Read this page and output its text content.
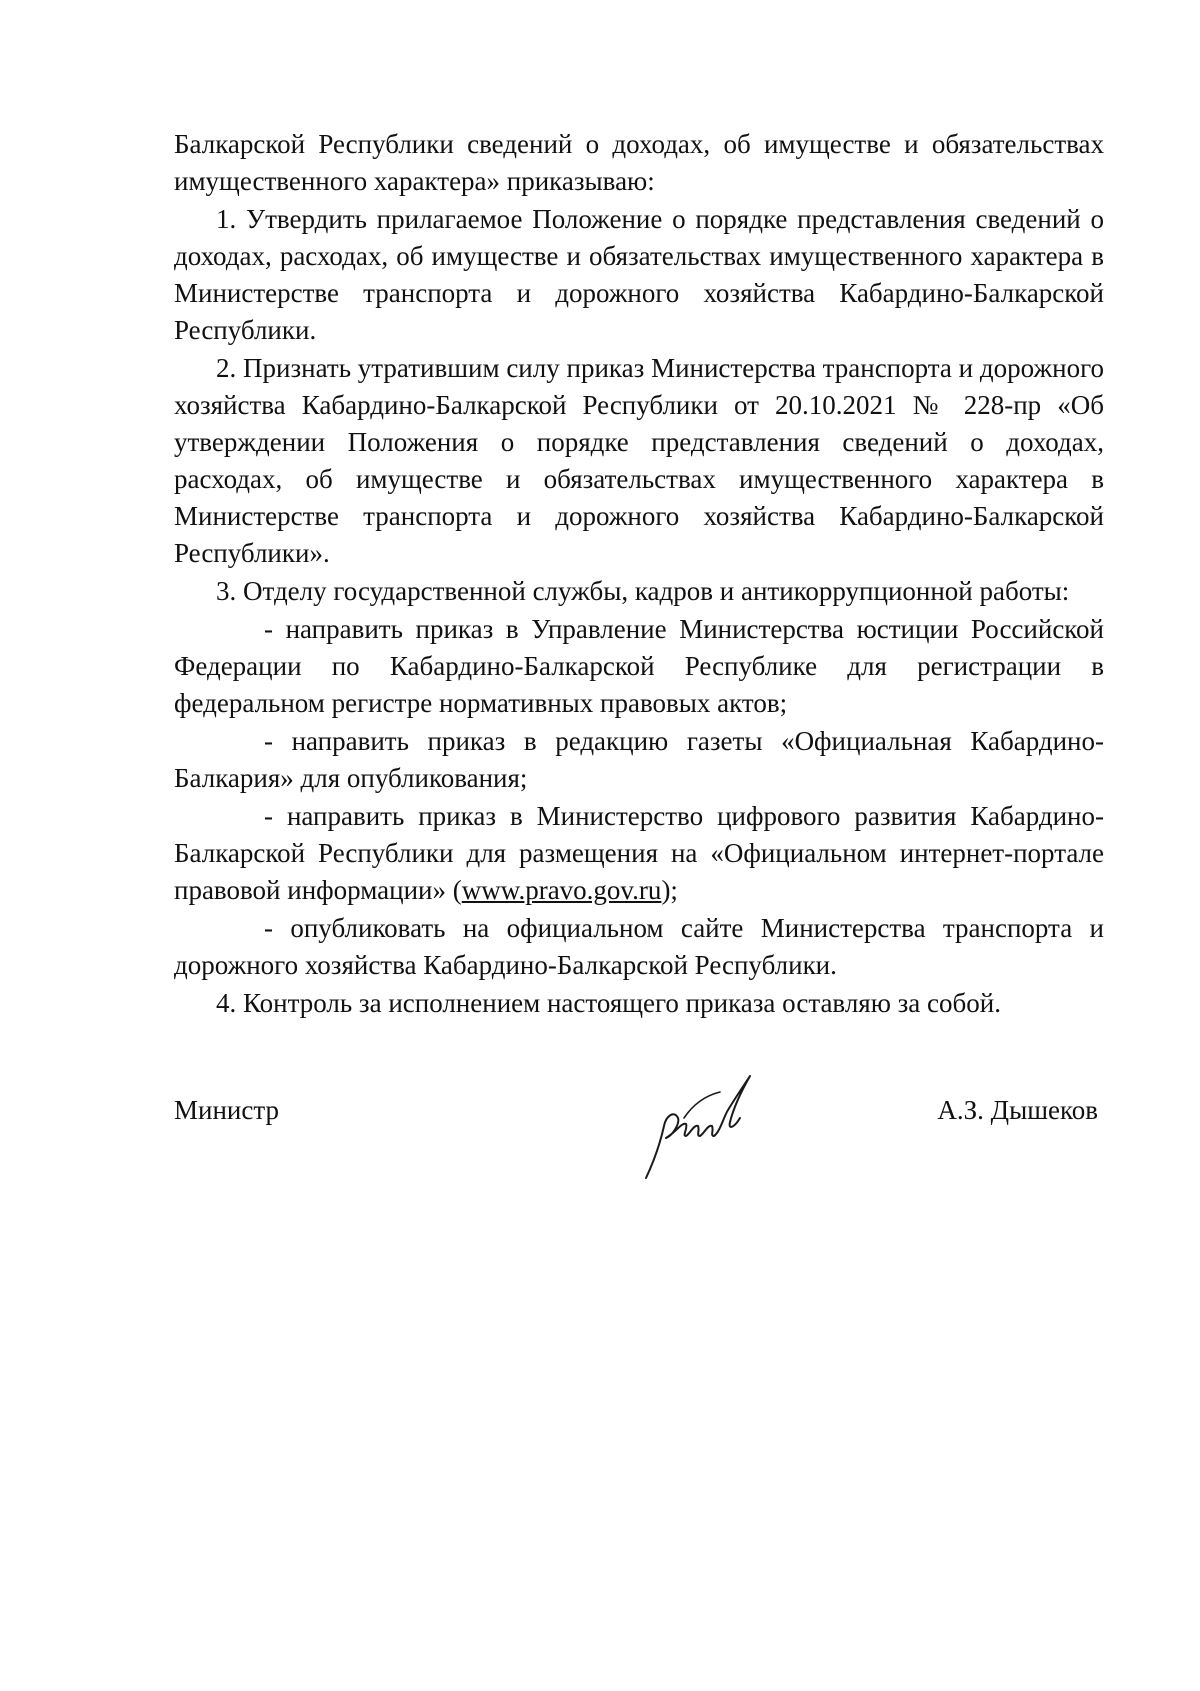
Балкарской Республики сведений о доходах, об имуществе и обязательствах имущественного характера» приказываю:

1. Утвердить прилагаемое Положение о порядке представления сведений о доходах, расходах, об имуществе и обязательствах имущественного характера в Министерстве транспорта и дорожного хозяйства Кабардино-Балкарской Республики.

2. Признать утратившим силу приказ Министерства транспорта и дорожного хозяйства Кабардино-Балкарской Республики от 20.10.2021 № 228-пр «Об утверждении Положения о порядке представления сведений о доходах, расходах, об имуществе и обязательствах имущественного характера в Министерстве транспорта и дорожного хозяйства Кабардино-Балкарской Республики».

3. Отделу государственной службы, кадров и антикоррупционной работы:

- направить приказ в Управление Министерства юстиции Российской Федерации по Кабардино-Балкарской Республике для регистрации в федеральном регистре нормативных правовых актов;

- направить приказ в редакцию газеты «Официальная Кабардино-Балкария» для опубликования;

- направить приказ в Министерство цифрового развития Кабардино-Балкарской Республики для размещения на «Официальном интернет-портале правовой информации» (www.pravo.gov.ru);

- опубликовать на официальном сайте Министерства транспорта и дорожного хозяйства Кабардино-Балкарской Республики.

4. Контроль за исполнением настоящего приказа оставляю за собой.

Министр	А.З. Дышеков
